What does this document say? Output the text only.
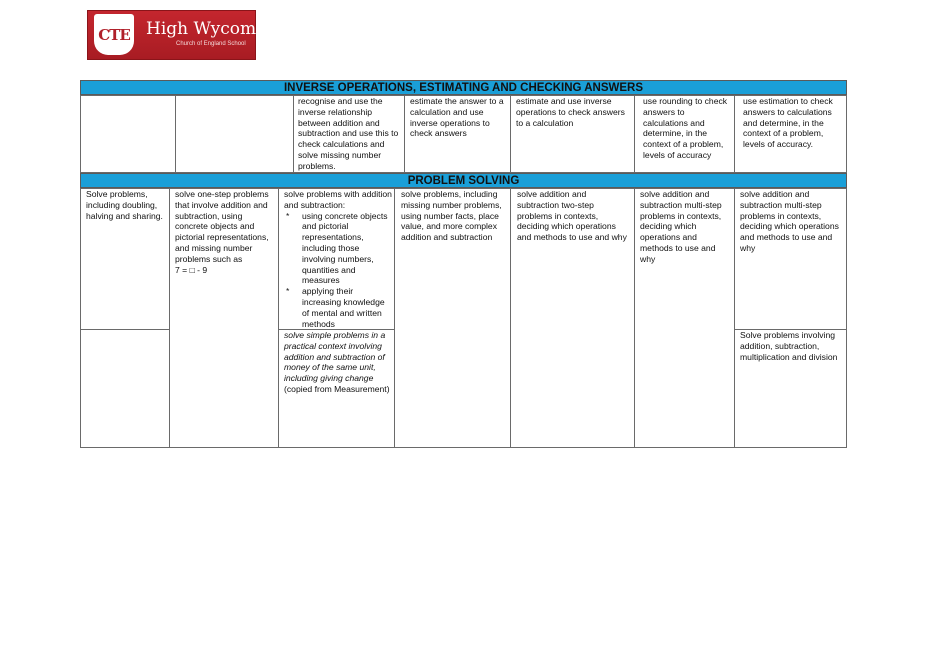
CTE High Wycombe
Church of England School
INVERSE OPERATIONS, ESTIMATING AND CHECKING ANSWERS
recognise and use the inverse relationship between addition and subtraction and use this to check calculations and solve missing number problems.
estimate the answer to a calculation and use inverse operations to check answers
estimate and use inverse operations to check answers to a calculation
use rounding to check answers to calculations and determine, in the context of a problem, levels of accuracy
use estimation to check answers to calculations and determine, in the context of a problem, levels of accuracy.
PROBLEM SOLVING
Solve problems, including doubling, halving and sharing.
solve one-step problems that involve addition and subtraction, using concrete objects and pictorial representations, and missing number problems such as
7 = □ - 9
solve problems with addition and subtraction:
* using concrete objects and pictorial representations, including those involving numbers, quantities and measures
* applying their increasing knowledge of mental and written methods
solve simple problems in a practical context involving addition and subtraction of money of the same unit, including giving change
(copied from Measurement)
solve problems, including missing number problems, using number facts, place value, and more complex addition and subtraction
solve addition and subtraction two-step problems in contexts, deciding which operations and methods to use and why
solve addition and subtraction multi-step problems in contexts, deciding which operations and methods to use and why
solve addition and subtraction multi-step problems in contexts, deciding which operations and methods to use and why
Solve problems involving addition, subtraction, multiplication and division
